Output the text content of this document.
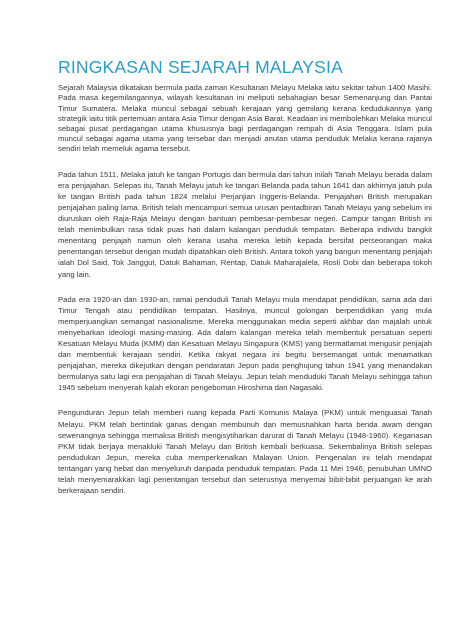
RINGKASAN SEJARAH MALAYSIA

Sejarah Malaysia dikatakan bermula pada zaman Kesultanan Melayu Melaka iaitu sekitar tahun 1400 Masihi. Pada masa kegemilangannya, wilayah kesultanan ini meliputi sebahagian besar Semenanjung dan Pantai Timur Sumatera. Melaka muncul sebagai sebuah kerajaan yang gemilang kerana kedudukannya yang strategik iaitu titik pertemuan antara Asia Timur dengan Asia Barat. Keadaan ini membolehkan Melaka muncul sebagai pusat perdagangan utama khususnya bagi perdagangan rempah di Asia Tenggara. Islam pula muncul sebagai agama utama yang tersebar dan menjadi anutan utama penduduk Melaka kerana rajanya sendiri telah memeluk agama tersebut.

Pada tahun 1511, Melaka jatuh ke tangan Portugis dan bermula dari tahun inilah Tanah Melayu berada dalam era penjajahan. Selepas itu, Tanah Melayu jatuh ke tangan Belanda pada tahun 1641 dan akhirnya jatuh pula ke tangan British pada tahun 1824 melalui Perjanjian Inggeris-Belanda. Penjajahan British merupakan penjajahan paling lama. British telah mencampuri semua urusan pentadbiran Tanah Melayu yang sebelum ini diuruskan oleh Raja-Raja Melayu dengan bantuan pembesar-pembesar negeri. Campur tangan British ini telah menimbulkan rasa tidak puas hati dalam kalangan penduduk tempatan. Beberapa individu bangkit menentang penjajah namun oleh kerana usaha mereka lebih kepada bersifat perseorangan maka penentangan tersebut dengan mudah dipatahkan oleh British. Antara tokoh yang bangun menentang penjajah ialah Dol Said, Tok Janggut, Datuk Bahaman, Rentap, Datuk Maharajalela, Rosli Dobi dan beberapa tokoh yang lain.

Pada era 1920-an dan 1930-an, ramai penduduli Tanah Melayu mula mendapat pendidikan, sama ada dari Timur Tengah atau pendidikan tempatan. Hasilnya, muncul golongan berpendidikan yang mula memperjuangkan semangat nasionalisme. Mereka menggunakan media seperti akhbar dan majalah untuk menyebarkan ideologi masing-masing. Ada dalam kalangan mereka telah membentuk persatuan seperti Kesatuan Melayu Muda (KMM) dan Kesatuan Melayu Singapura (KMS) yang bermatlamat mengusir penjajah dan membentuk kerajaan sendiri. Ketika rakyat negara ini begitu bersemangat untuk menamatkan penjajahan, mereka dikejutkan dengan pendaratan Jepun pada penghujung tahun 1941 yang menandakan bermulanya satu lagi era penjajahan di Tanah Melayu. Jepun telah menduduki Tanah Melayu sehingga tahun 1945 sebelum menyerah kalah ekoran pengeboman Hiroshima dan Nagasaki.

Pengunduran Jepun telah memberi ruang kepada Parti Komunis Malaya (PKM) untuk menguasai Tanah Melayu. PKM telah bertindak ganas dengan membunuh dan memusnahkan harta benda awam dengan sewenangnya sehingga memaksa British mengisytiharkan darurat di Tanah Melayu (1948-1960). Keganasan PKM tidak berjaya menakluki Tanah Melayu dan British kembali berkuasa. Sekembalinya British selepas pendudukan Jepun, mereka cuba memperkenalkan Malayan Union. Pengenalan ini telah mendapat tentangan yang hebat dan menyeluruh daripada penduduk tempatan. Pada 11 Mei 1946, penubuhan UMNO telah menyemarakkan lagi penentangan tersebut dan seterusnya menyemai bibit-bibit perjuangan ke arah berkerajaan sendiri.
